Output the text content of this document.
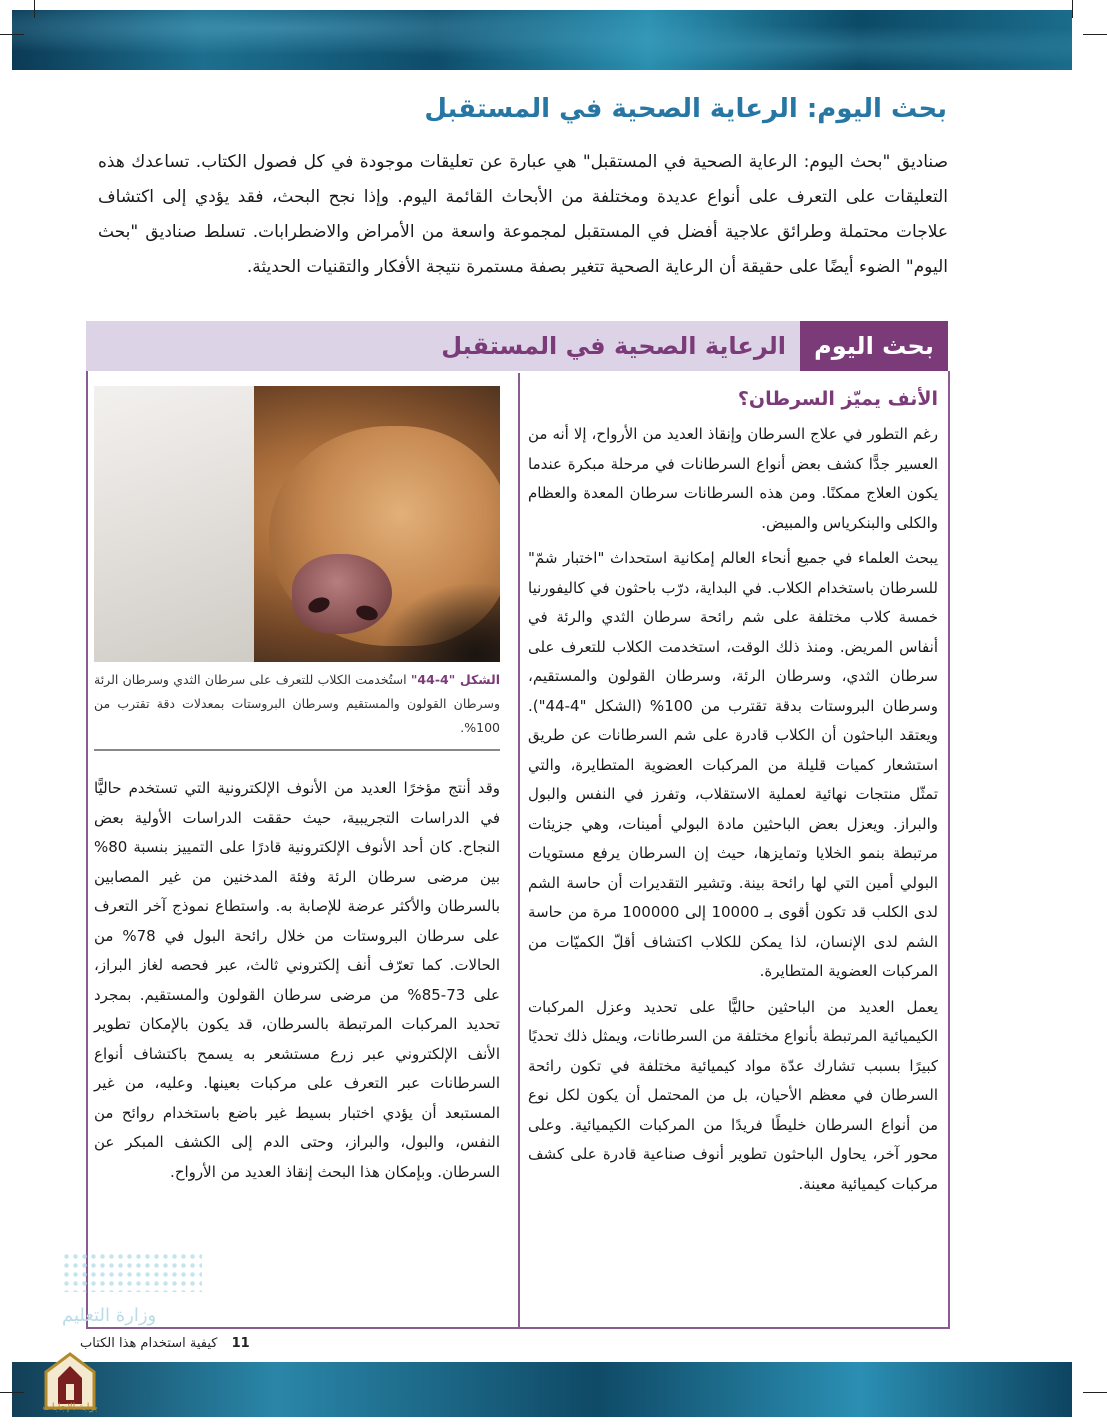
بحث اليوم: الرعاية الصحية في المستقبل
صناديق "بحث اليوم: الرعاية الصحية في المستقبل" هي عبارة عن تعليقات موجودة في كل فصول الكتاب. تساعدك هذه التعليقات على التعرف على أنواع عديدة ومختلفة من الأبحاث القائمة اليوم. وإذا نجح البحث، فقد يؤدي إلى اكتشاف علاجات محتملة وطرائق علاجية أفضل في المستقبل لمجموعة واسعة من الأمراض والاضطرابات. تسلط صناديق "بحث اليوم" الضوء أيضًا على حقيقة أن الرعاية الصحية تتغير بصفة مستمرة نتيجة الأفكار والتقنيات الحديثة.
بحث اليوم
الرعاية الصحية في المستقبل
الأنف يميّز السرطان؟

رغم التطور في علاج السرطان وإنقاذ العديد من الأرواح، إلا أنه من العسير جدًّا كشف بعض أنواع السرطانات في مرحلة مبكرة عندما يكون العلاج ممكنًا. ومن هذه السرطانات سرطان المعدة والعظام والكلى والبنكرياس والمبيض.

يبحث العلماء في جميع أنحاء العالم إمكانية استحداث "اختبار شمّ" للسرطان باستخدام الكلاب. في البداية، درّب باحثون في كاليفورنيا خمسة كلاب مختلفة على شم رائحة سرطان الثدي والرئة في أنفاس المريض. ومنذ ذلك الوقت، استخدمت الكلاب للتعرف على سرطان الثدي، وسرطان الرئة، وسرطان القولون والمستقيم، وسرطان البروستات بدقة تقترب من 100% (الشكل "4-44"). ويعتقد الباحثون أن الكلاب قادرة على شم السرطانات عن طريق استشعار كميات قليلة من المركبات العضوية المتطايرة، والتي تمثّل منتجات نهائية لعملية الاستقلاب، وتفرز في النفس والبول والبراز. ويعزل بعض الباحثين مادة البولي أمينات، وهي جزيئات مرتبطة بنمو الخلايا وتمايزها، حيث إن السرطان يرفع مستويات البولي أمين التي لها رائحة بينة. وتشير التقديرات أن حاسة الشم لدى الكلب قد تكون أقوى بـ 10000 إلى 100000 مرة من حاسة الشم لدى الإنسان، لذا يمكن للكلاب اكتشاف أقلّ الكميّات من المركبات العضوية المتطايرة.

يعمل العديد من الباحثين حاليًّا على تحديد وعزل المركبات الكيميائية المرتبطة بأنواع مختلفة من السرطانات، ويمثل ذلك تحديًا كبيرًا بسبب تشارك عدّة مواد كيميائية مختلفة في تكون رائحة السرطان في معظم الأحيان، بل من المحتمل أن يكون لكل نوع من أنواع السرطان خليطًا فريدًا من المركبات الكيميائية. وعلى محور آخر، يحاول الباحثون تطوير أنوف صناعية قادرة على كشف مركبات كيميائية معينة.

الشكل "4-44" استُخدمت الكلاب للتعرف على سرطان الثدي وسرطان الرئة وسرطان القولون والمستقيم وسرطان البروستات بمعدلات دقة تقترب من 100%.

وقد أنتج مؤخرًا العديد من الأنوف الإلكترونية التي تستخدم حاليًّا في الدراسات التجريبية، حيث حققت الدراسات الأولية بعض النجاح. كان أحد الأنوف الإلكترونية قادرًا على التمييز بنسبة 80% بين مرضى سرطان الرئة وفئة المدخنين من غير المصابين بالسرطان والأكثر عرضة للإصابة به. واستطاع نموذج آخر التعرف على سرطان البروستات من خلال رائحة البول في 78% من الحالات. كما تعرّف أنف إلكتروني ثالث، عبر فحصه لغاز البراز، على 73-85% من مرضى سرطان القولون والمستقيم. بمجرد تحديد المركبات المرتبطة بالسرطان، قد يكون بالإمكان تطوير الأنف الإلكتروني عبر زرع مستشعر به يسمح باكتشاف أنواع السرطانات عبر التعرف على مركبات بعينها. وعليه، من غير المستبعد أن يؤدي اختبار بسيط غير باضع باستخدام روائح من النفس، والبول، والبراز، وحتى الدم إلى الكشف المبكر عن السرطان. وبإمكان هذا البحث إنقاذ العديد من الأرواح.

وزارة التعليم
11 كيفية استخدام هذا الكتاب
بوابة الإجابات
